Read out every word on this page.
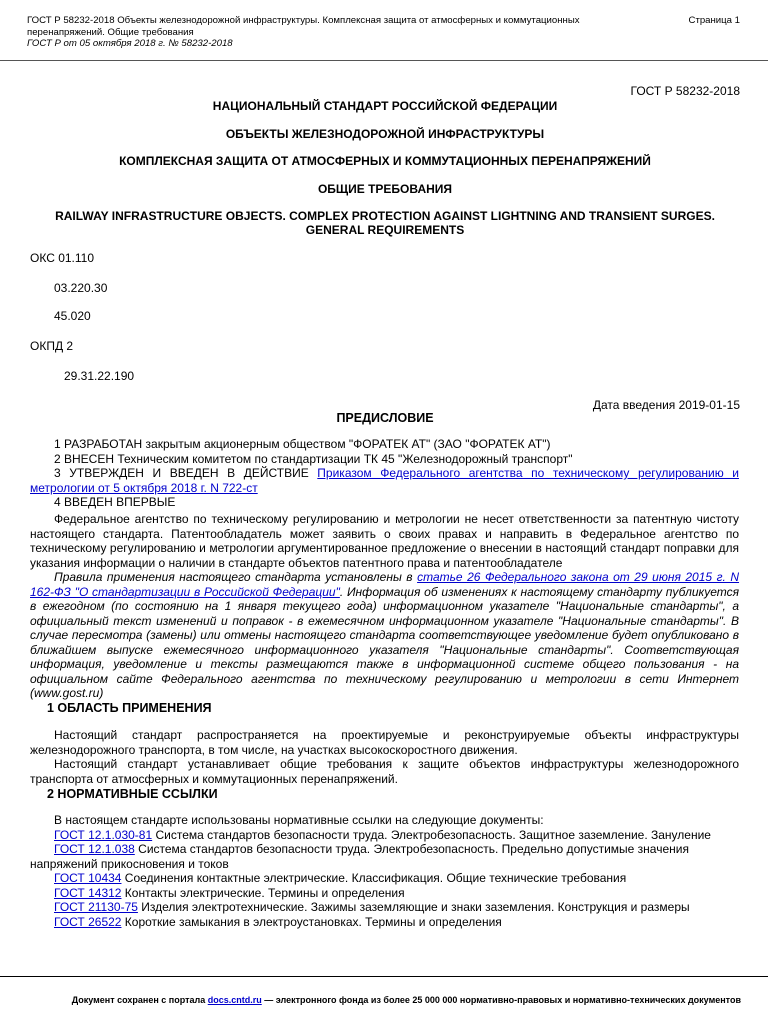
ГОСТ Р 58232-2018 Объекты железнодорожной инфраструктуры. Комплексная защита от атмосферных и коммутационных
перенапряжений. Общие требования
ГОСТ Р от 05 октября 2018 г. № 58232-2018
Страница 1
ГОСТ Р 58232-2018
НАЦИОНАЛЬНЫЙ СТАНДАРТ РОССИЙСКОЙ ФЕДЕРАЦИИ
ОБЪЕКТЫ ЖЕЛЕЗНОДОРОЖНОЙ ИНФРАСТРУКТУРЫ
КОМПЛЕКСНАЯ ЗАЩИТА ОТ АТМОСФЕРНЫХ И КОММУТАЦИОННЫХ ПЕРЕНАПРЯЖЕНИЙ
ОБЩИЕ ТРЕБОВАНИЯ
RAILWAY INFRASTRUCTURE OBJECTS. COMPLEX PROTECTION AGAINST LIGHTNING AND TRANSIENT SURGES. GENERAL REQUIREMENTS
ОКС 01.110
03.220.30
45.020
ОКПД 2
29.31.22.190
Дата введения 2019-01-15
ПРЕДИСЛОВИЕ
1 РАЗРАБОТАН закрытым акционерным обществом "ФОРАТЕК АТ" (ЗАО "ФОРАТЕК АТ")
2 ВНЕСЕН Техническим комитетом по стандартизации ТК 45 "Железнодорожный транспорт"
3 УТВЕРЖДЕН И ВВЕДЕН В ДЕЙСТВИЕ Приказом Федерального агентства по техническому регулированию и метрологии от 5 октября 2018 г. N 722-ст
4 ВВЕДЕН ВПЕРВЫЕ
Федеральное агентство по техническому регулированию и метрологии не несет ответственности за патентную чистоту настоящего стандарта. Патентообладатель может заявить о своих правах и направить в Федеральное агентство по техническому регулированию и метрологии аргументированное предложение о внесении в настоящий стандарт поправки для указания информации о наличии в стандарте объектов патентного права и патентообладателе
Правила применения настоящего стандарта установлены в статье 26 Федерального закона от 29 июня 2015 г. N 162-ФЗ "О стандартизации в Российской Федерации". Информация об изменениях к настоящему стандарту публикуется в ежегодном (по состоянию на 1 января текущего года) информационном указателе "Национальные стандарты", а официальный текст изменений и поправок - в ежемесячном информационном указателе "Национальные стандарты". В случае пересмотра (замены) или отмены настоящего стандарта соответствующее уведомление будет опубликовано в ближайшем выпуске ежемесячного информационного указателя "Национальные стандарты". Соответствующая информация, уведомление и тексты размещаются также в информационной системе общего пользования - на официальном сайте Федерального агентства по техническому регулированию и метрологии в сети Интернет (www.gost.ru)
1 ОБЛАСТЬ ПРИМЕНЕНИЯ
Настоящий стандарт распространяется на проектируемые и реконструируемые объекты инфраструктуры железнодорожного транспорта, в том числе, на участках высокоскоростного движения.
Настоящий стандарт устанавливает общие требования к защите объектов инфраструктуры железнодорожного транспорта от атмосферных и коммутационных перенапряжений.
2 НОРМАТИВНЫЕ ССЫЛКИ
В настоящем стандарте использованы нормативные ссылки на следующие документы:
ГОСТ 12.1.030-81 Система стандартов безопасности труда. Электробезопасность. Защитное заземление. Зануление
ГОСТ 12.1.038 Система стандартов безопасности труда. Электробезопасность. Предельно допустимые значения напряжений прикосновения и токов
ГОСТ 10434 Соединения контактные электрические. Классификация. Общие технические требования
ГОСТ 14312 Контакты электрические. Термины и определения
ГОСТ 21130-75 Изделия электротехнические. Зажимы заземляющие и знаки заземления. Конструкция и размеры
ГОСТ 26522 Короткие замыкания в электроустановках. Термины и определения
Документ сохранен с портала docs.cntd.ru — электронного фонда из более 25 000 000 нормативно-правовых и нормативно-технических документов
